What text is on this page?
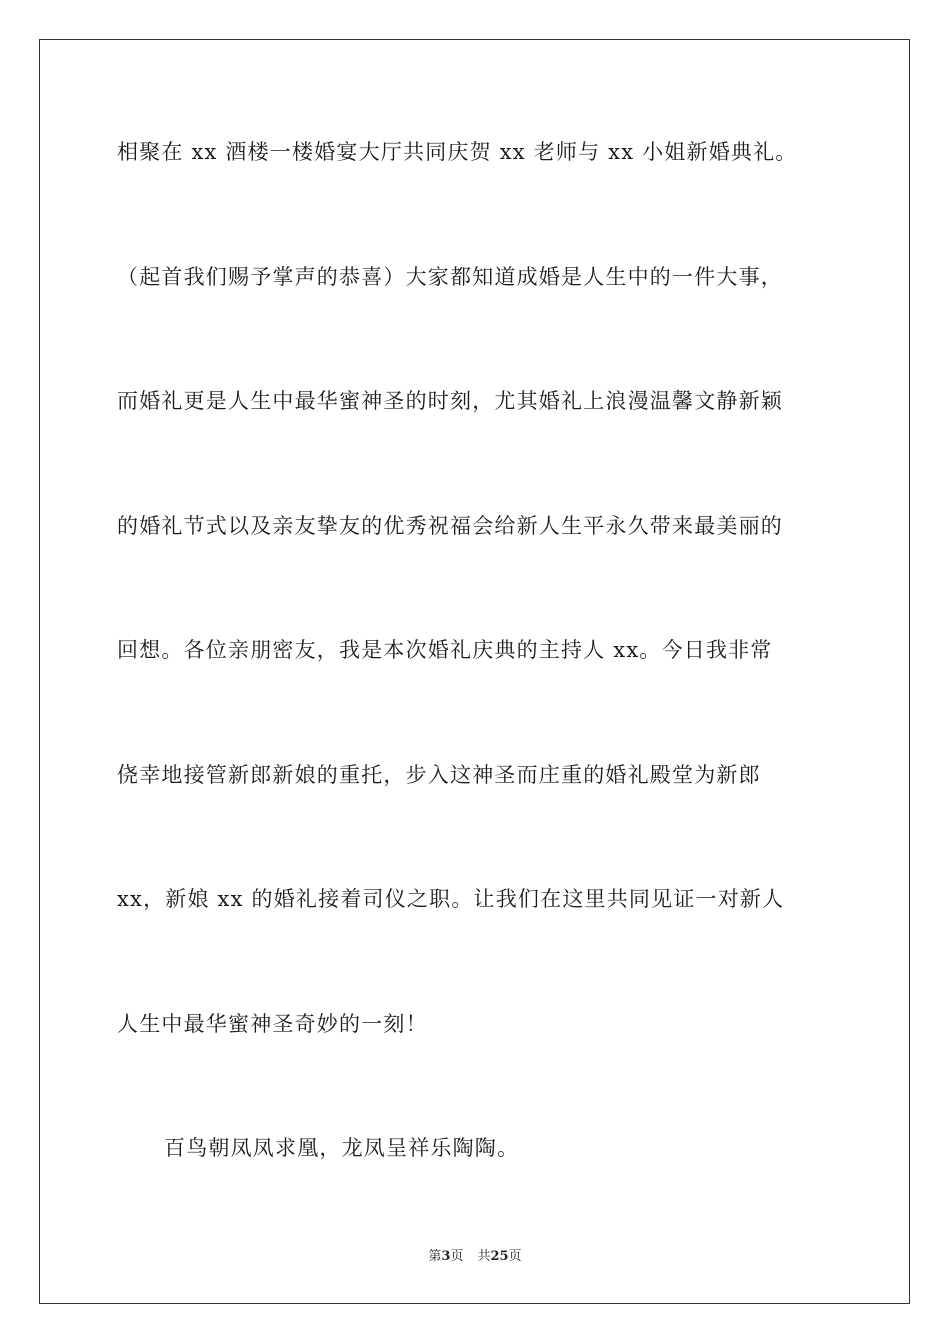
相聚在 xx 酒楼一楼婚宴大厅共同庆贺 xx 老师与 xx 小姐新婚典礼。
（起首我们赐予掌声的恭喜）大家都知道成婚是人生中的一件大事，
而婚礼更是人生中最华蜜神圣的时刻，尤其婚礼上浪漫温馨文静新颖
的婚礼节式以及亲友挚友的优秀祝福会给新人生平永久带来最美丽的
回想。各位亲朋密友，我是本次婚礼庆典的主持人 xx。今日我非常
侥幸地接管新郎新娘的重托，步入这神圣而庄重的婚礼殿堂为新郎
xx，新娘 xx 的婚礼接着司仪之职。让我们在这里共同见证一对新人
人生中最华蜜神圣奇妙的一刻！
百鸟朝凤凤求凰，龙凤呈祥乐陶陶。
第3页 共25页
